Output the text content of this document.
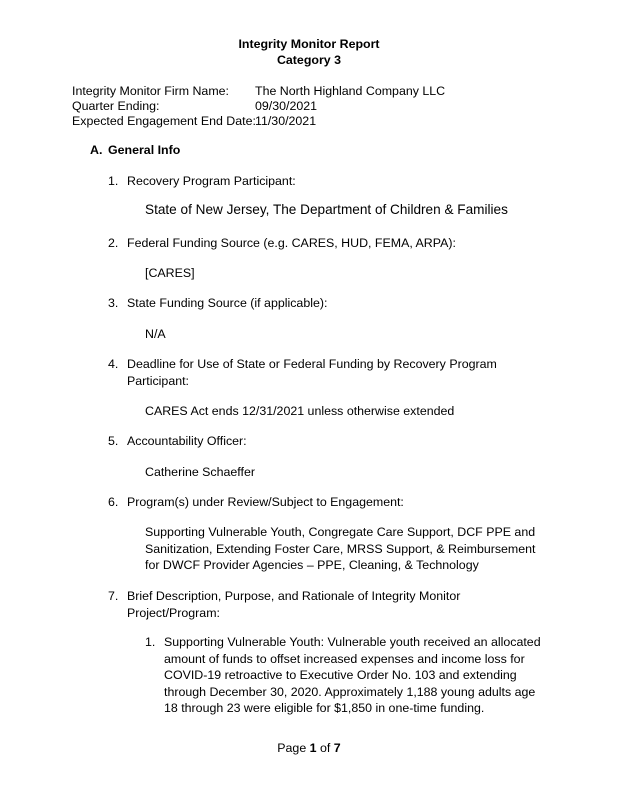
Integrity Monitor Report
Category 3
Integrity Monitor Firm Name: The North Highland Company LLC
Quarter Ending:	09/30/2021
Expected Engagement End Date: 11/30/2021
A. General Info
1. Recovery Program Participant:
State of New Jersey, The Department of Children & Families
2. Federal Funding Source (e.g. CARES, HUD, FEMA, ARPA):
[CARES]
3. State Funding Source (if applicable):
N/A
4. Deadline for Use of State or Federal Funding by Recovery Program Participant:
CARES Act ends 12/31/2021 unless otherwise extended
5. Accountability Officer:
Catherine Schaeffer
6. Program(s) under Review/Subject to Engagement:
Supporting Vulnerable Youth, Congregate Care Support, DCF PPE and Sanitization, Extending Foster Care, MRSS Support, & Reimbursement for DWCF Provider Agencies – PPE, Cleaning, & Technology
7. Brief Description, Purpose, and Rationale of Integrity Monitor Project/Program:
1. Supporting Vulnerable Youth: Vulnerable youth received an allocated amount of funds to offset increased expenses and income loss for COVID-19 retroactive to Executive Order No. 103 and extending through December 30, 2020. Approximately 1,188 young adults age 18 through 23 were eligible for $1,850 in one-time funding.
Page 1 of 7
